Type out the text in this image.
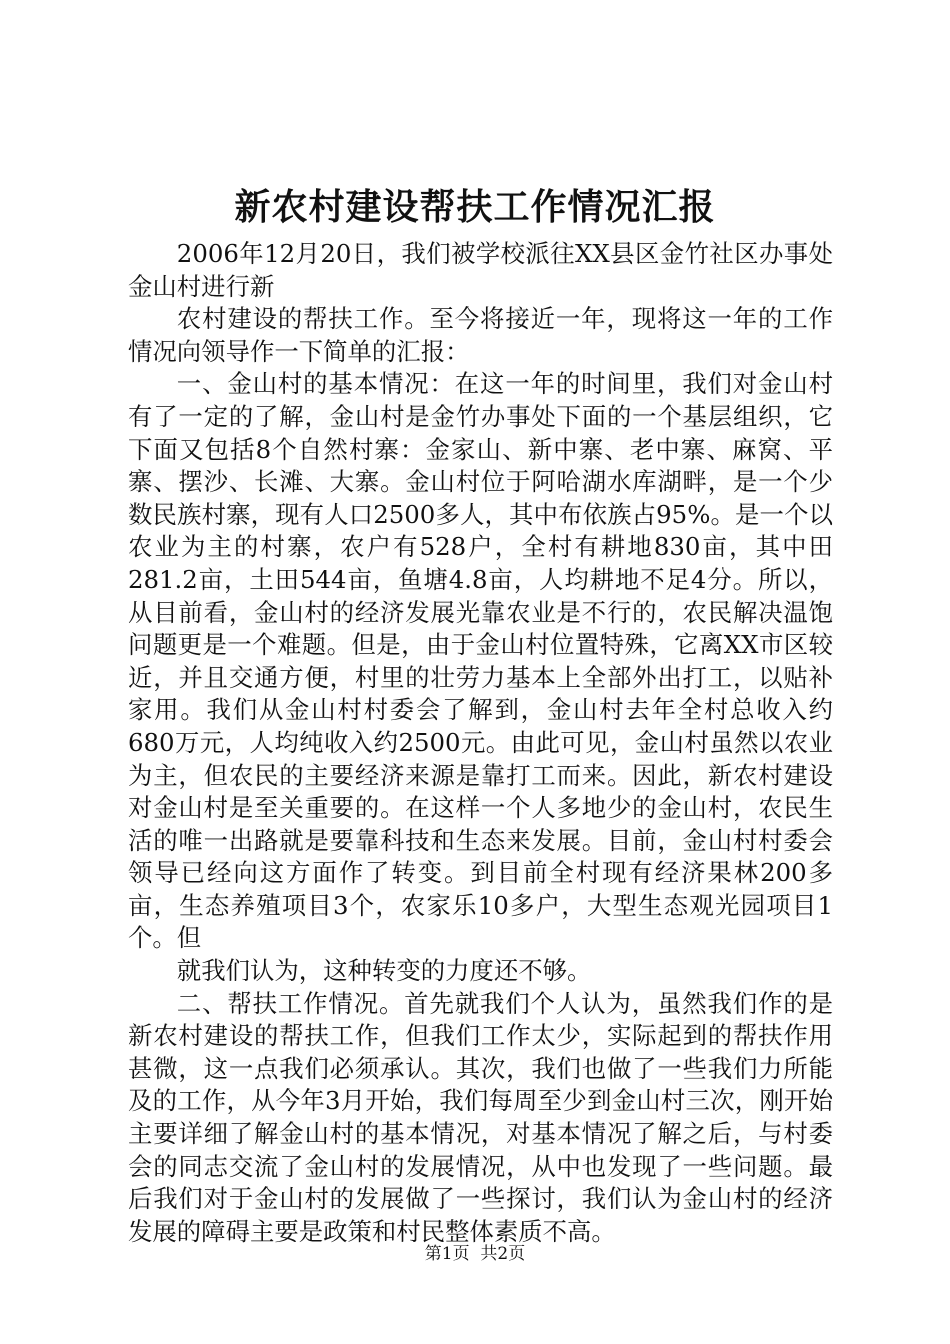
新农村建设帮扶工作情况汇报

2006年12月20日，我们被学校派往XX县区金竹社区办事处金山村进行新

农村建设的帮扶工作。至今将接近一年，现将这一年的工作情况向领导作一下简单的汇报：

一、金山村的基本情况：在这一年的时间里，我们对金山村有了一定的了解，金山村是金竹办事处下面的一个基层组织，它下面又包括8个自然村寨：金家山、新中寨、老中寨、麻窝、平寨、摆沙、长滩、大寨。金山村位于阿哈湖水库湖畔，是一个少数民族村寨，现有人口2500多人，其中布依族占95%。是一个以农业为主的村寨，农户有528户，全村有耕地830亩，其中田281.2亩，土田544亩，鱼塘4.8亩，人均耕地不足4分。所以，从目前看，金山村的经济发展光靠农业是不行的，农民解决温饱问题更是一个难题。但是，由于金山村位置特殊，它离XX市区较近，并且交通方便，村里的壮劳力基本上全部外出打工，以贴补家用。我们从金山村村委会了解到，金山村去年全村总收入约680万元，人均纯收入约2500元。由此可见，金山村虽然以农业为主，但农民的主要经济来源是靠打工而来。因此，新农村建设对金山村是至关重要的。在这样一个人多地少的金山村，农民生活的唯一出路就是要靠科技和生态来发展。目前，金山村村委会领导已经向这方面作了转变。到目前全村现有经济果林200多亩，生态养殖项目3个，农家乐10多户，大型生态观光园项目1个。但

就我们认为，这种转变的力度还不够。

二、帮扶工作情况。首先就我们个人认为，虽然我们作的是新农村建设的帮扶工作，但我们工作太少，实际起到的帮扶作用甚微，这一点我们必须承认。其次，我们也做了一些我们力所能及的工作，从今年3月开始，我们每周至少到金山村三次，刚开始主要详细了解金山村的基本情况，对基本情况了解之后，与村委会的同志交流了金山村的发展情况，从中也发现了一些问题。最后我们对于金山村的发展做了一些探讨，我们认为金山村的经济发展的障碍主要是政策和村民整体素质不高。

第1页 共2页
